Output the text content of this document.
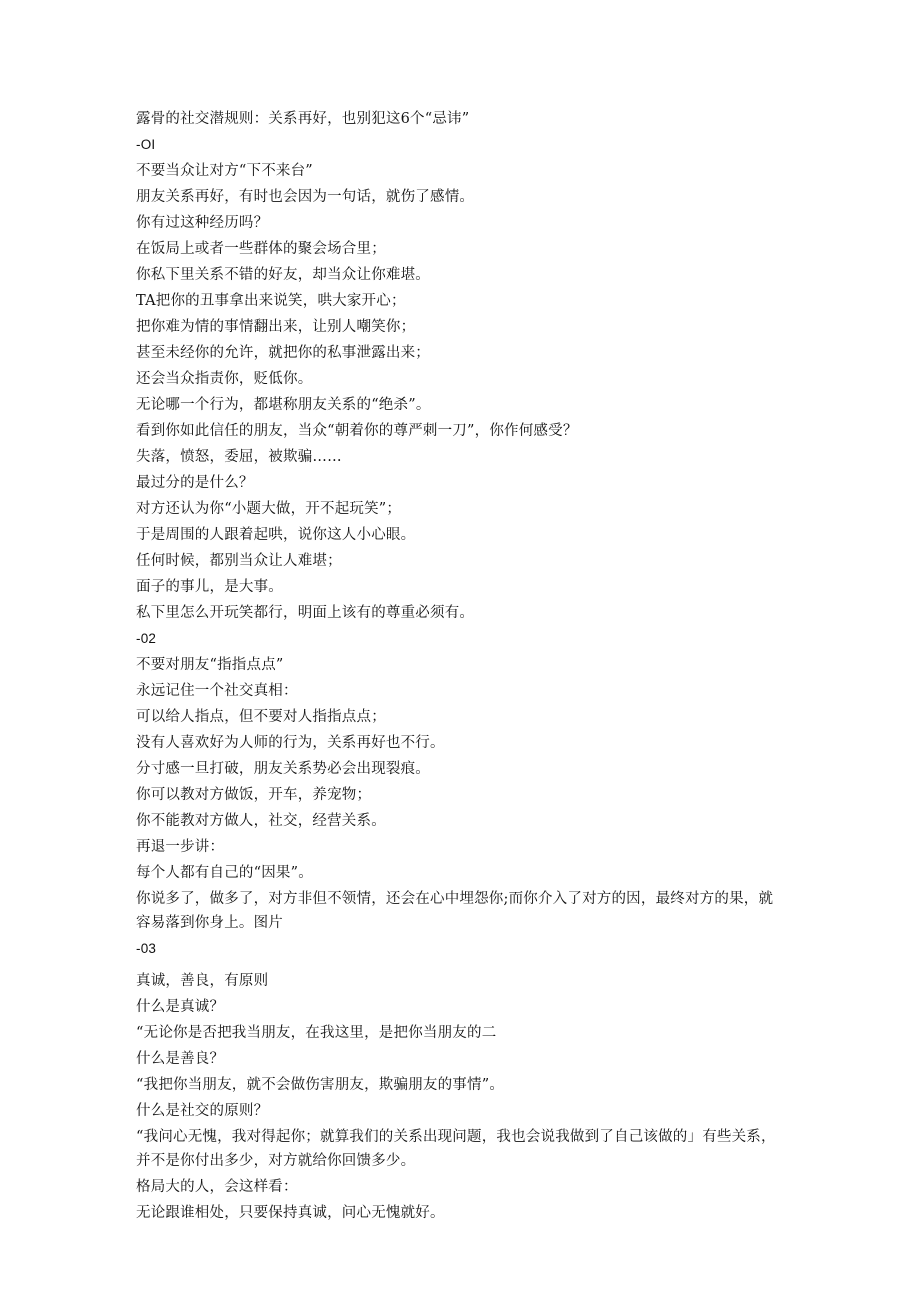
露骨的社交潜规则：关系再好，也别犯这6个“忌讳”
-OI
不要当众让对方“下不来台”
朋友关系再好，有时也会因为一句话，就伤了感情。
你有过这种经历吗？
在饭局上或者一些群体的聚会场合里；
你私下里关系不错的好友，却当众让你难堪。
TA把你的丑事拿出来说笑，哄大家开心；
把你难为情的事情翻出来，让别人嘲笑你；
甚至未经你的允许，就把你的私事泄露出来；
还会当众指责你，贬低你。
无论哪一个行为，都堪称朋友关系的“绝杀”。
看到你如此信任的朋友，当众“朝着你的尊严刺一刀”，你作何感受？
失落，愤怒，委屈，被欺骗……
最过分的是什么？
对方还认为你“小题大做，开不起玩笑”；
于是周围的人跟着起哄，说你这人小心眼。
任何时候，都别当众让人难堪；
面子的事儿，是大事。
私下里怎么开玩笑都行，明面上该有的尊重必须有。
-02
不要对朋友“指指点点”
永远记住一个社交真相：
可以给人指点，但不要对人指指点点；
没有人喜欢好为人师的行为，关系再好也不行。
分寸感一旦打破，朋友关系势必会出现裂痕。
你可以教对方做饭，开车，养宠物；
你不能教对方做人，社交，经营关系。
再退一步讲：
每个人都有自己的“因果”。
你说多了，做多了，对方非但不领情，还会在心中埋怨你;而你介入了对方的因，最终对方的果，就容易落到你身上。图片
-03
真诚，善良，有原则
什么是真诚？
“无论你是否把我当朋友，在我这里，是把你当朋友的二
什么是善良？
“我把你当朋友，就不会做伤害朋友，欺骗朋友的事情”。
什么是社交的原则？
“我问心无愧，我对得起你；就算我们的关系出现问题，我也会说我做到了自己该做的」有些关系，并不是你付出多少，对方就给你回馈多少。
格局大的人，会这样看：
无论跟谁相处，只要保持真诚，问心无愧就好。
